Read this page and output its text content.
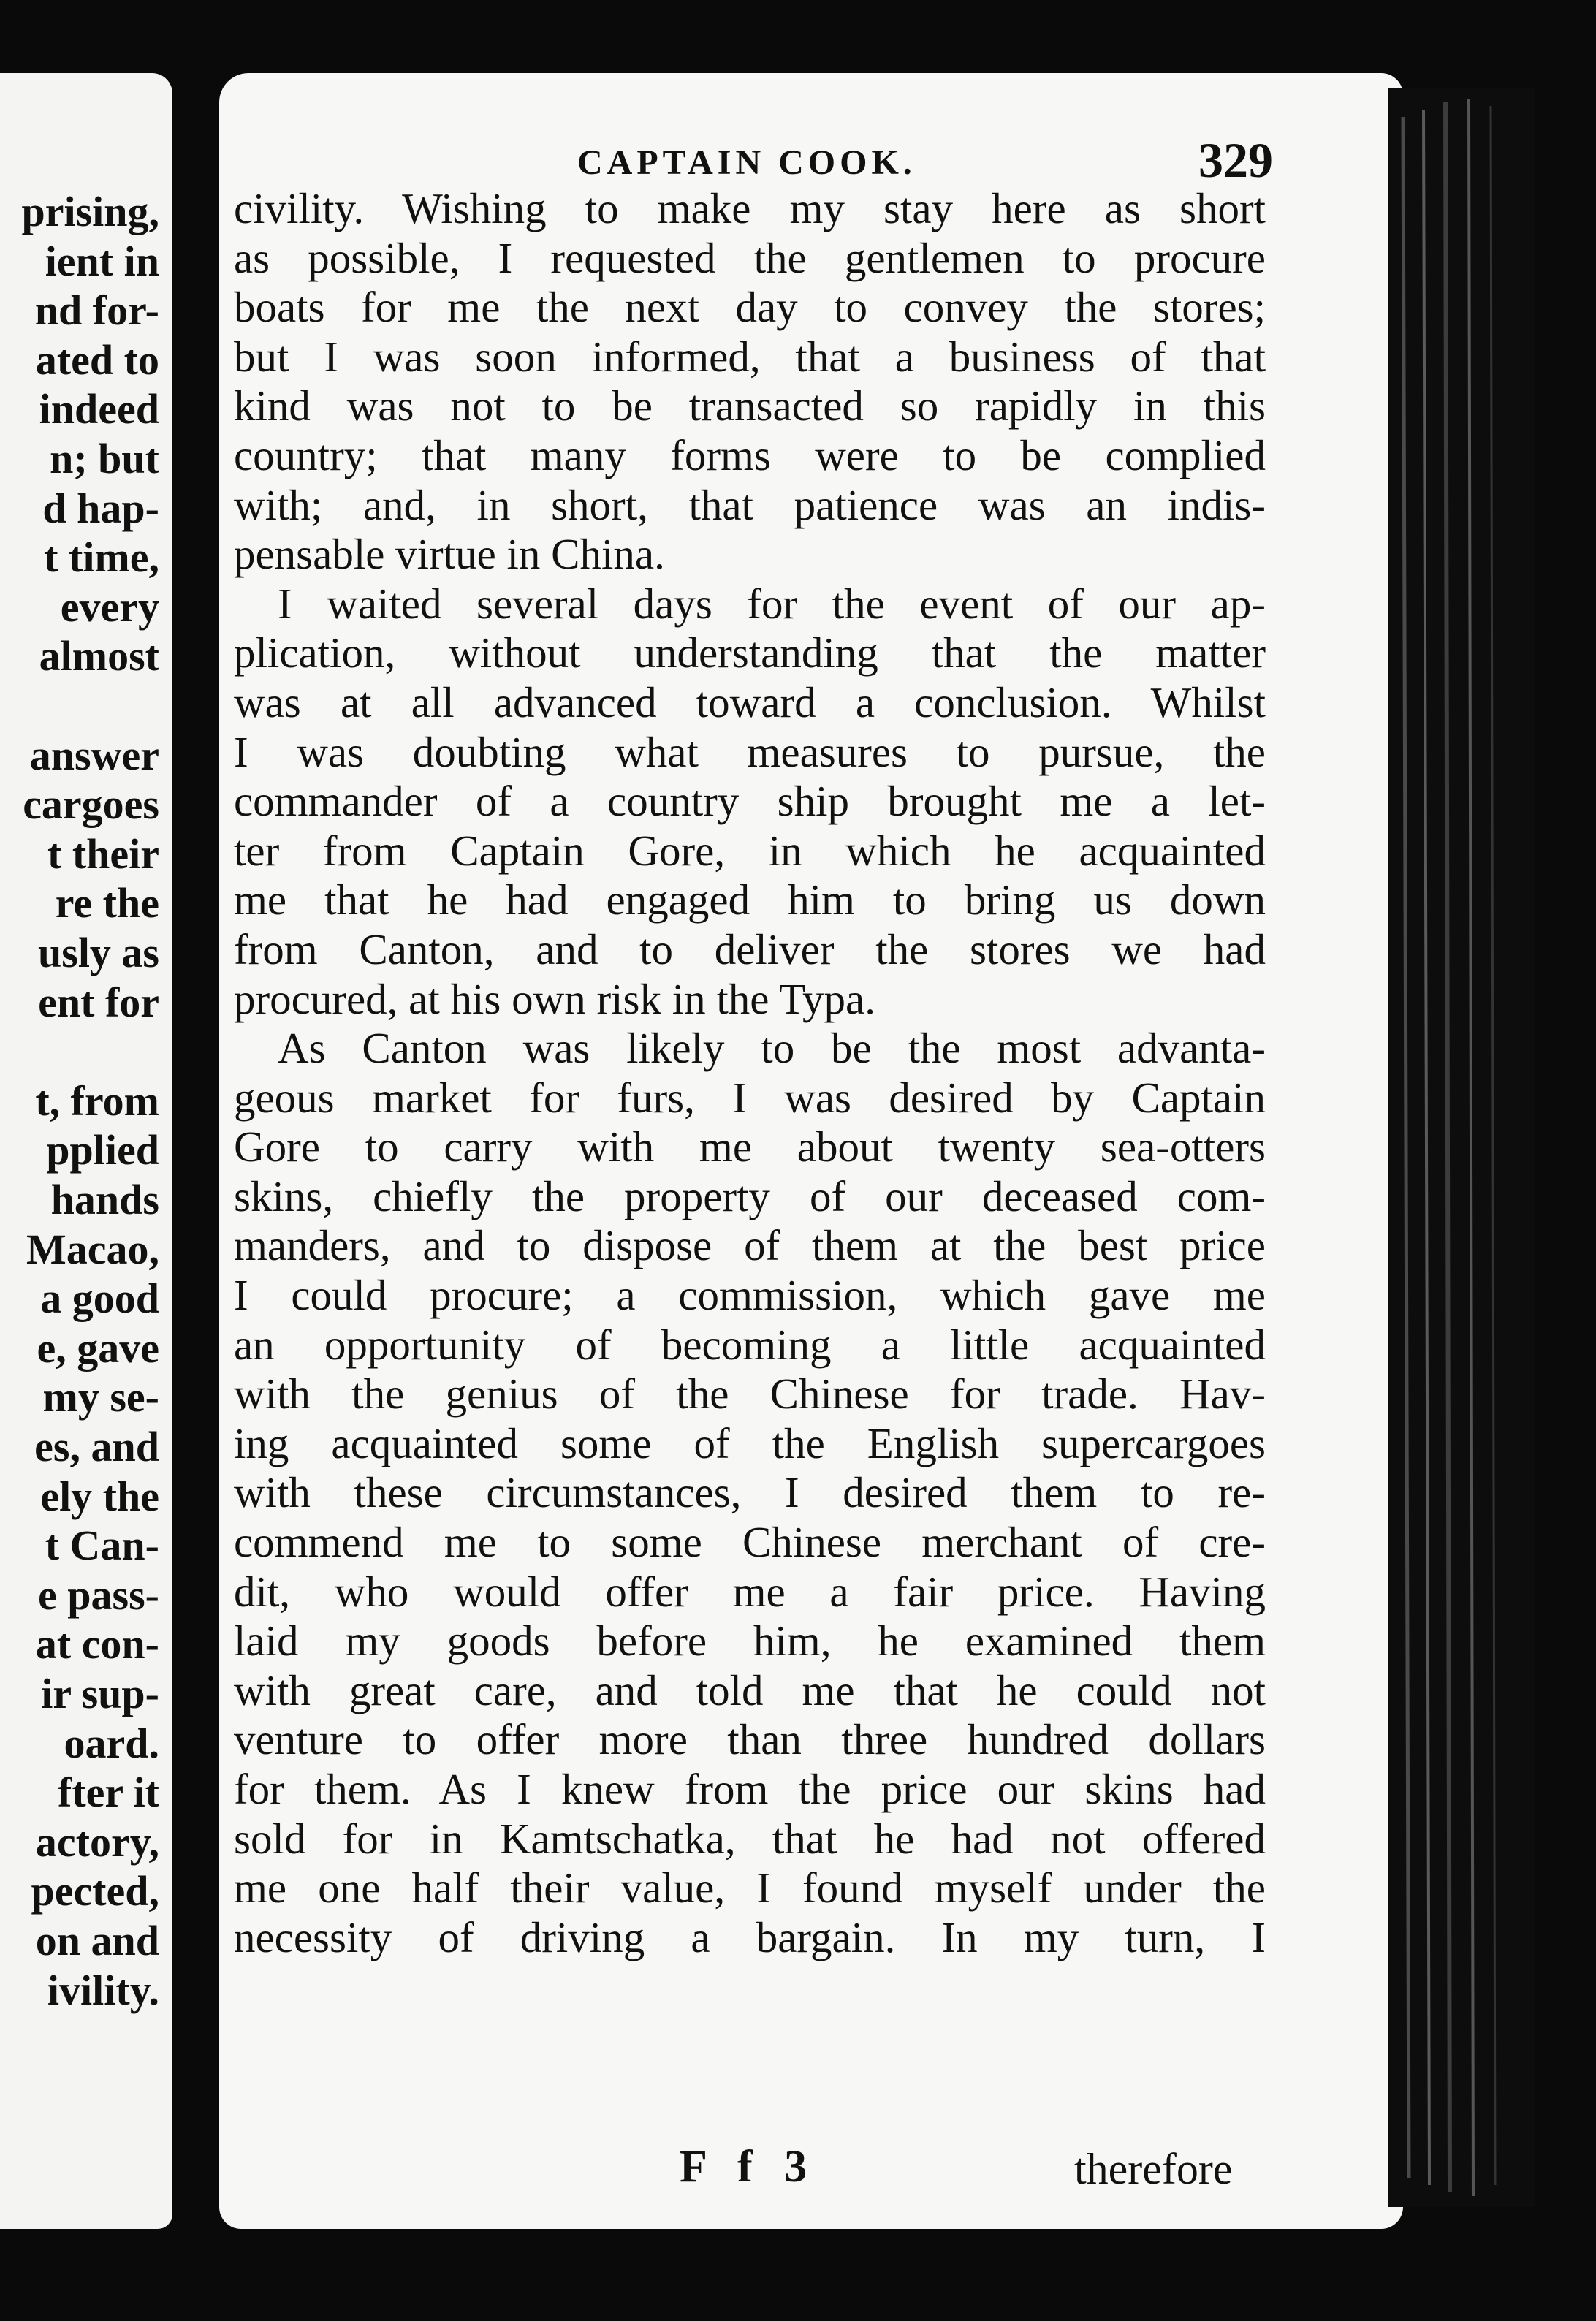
prising,
ient in
nd for-
ated to
indeed
n; but
d hap-
t time,
every
almost
answer
cargoes
t their
re the
usly as
ent for
t, from
pplied
hands
Macao,
a good
e, gave
my se-
es, and
ely the
t Can-
e pass-
at con-
ir sup-
oard.
fter it
actory,
pected,
on and
ivility.
CAPTAIN COOK.	329
civility. Wishing to make my stay here as short
as possible, I requested the gentlemen to procure
boats for me the next day to convey the stores;
but I was soon informed, that a business of that
kind was not to be transacted so rapidly in this
country; that many forms were to be complied
with; and, in short, that patience was an indis-
pensable virtue in China.
I waited several days for the event of our ap-
plication, without understanding that the matter
was at all advanced toward a conclusion. Whilst
I was doubting what measures to pursue, the
commander of a country ship brought me a let-
ter from Captain Gore, in which he acquainted
me that he had engaged him to bring us down
from Canton, and to deliver the stores we had
procured, at his own risk in the Typa.
As Canton was likely to be the most advanta-
geous market for furs, I was desired by Captain
Gore to carry with me about twenty sea-otters
skins, chiefly the property of our deceased com-
manders, and to dispose of them at the best price
I could procure; a commission, which gave me
an opportunity of becoming a little acquainted
with the genius of the Chinese for trade. Hav-
ing acquainted some of the English supercargoes
with these circumstances, I desired them to re-
commend me to some Chinese merchant of cre-
dit, who would offer me a fair price. Having
laid my goods before him, he examined them
with great care, and told me that he could not
venture to offer more than three hundred dollars
for them. As I knew from the price our skins had
sold for in Kamtschatka, that he had not offered
me one half their value, I found myself under the
necessity of driving a bargain. In my turn, I
F f 3	therefore
